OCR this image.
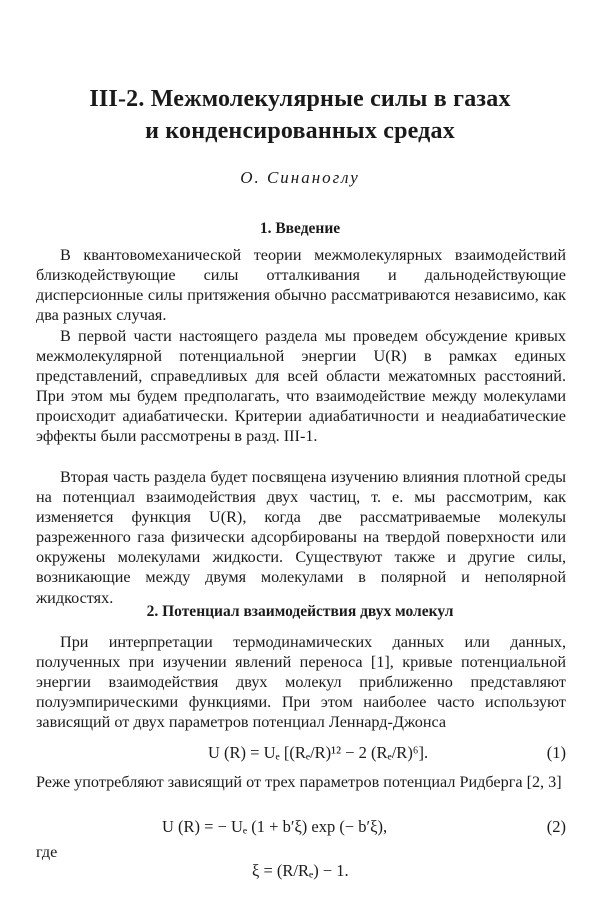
III-2. Межмолекулярные силы в газах
и конденсированных средах
О. Синаноглу
1. Введение

В квантовомеханической теории межмолекулярных взаимодействий близкодействующие силы отталкивания и дальнодействующие дисперсионные силы притяжения обычно рассматриваются независимо, как два разных случая.

В первой части настоящего раздела мы проведем обсуждение кривых межмолекулярной потенциальной энергии U(R) в рамках единых представлений, справедливых для всей области межатомных расстояний. При этом мы будем предполагать, что взаимодействие между молекулами происходит адиабатически. Критерии адиабатичности и неадиабатические эффекты были рассмотрены в разд. III-1.

Вторая часть раздела будет посвящена изучению влияния плотной среды на потенциал взаимодействия двух частиц, т. е. мы рассмотрим, как изменяется функция U(R), когда две рассматриваемые молекулы разреженного газа физически адсорбированы на твердой поверхности или окружены молекулами жидкости. Существуют также и другие силы, возникающие между двумя молекулами в полярной и неполярной жидкостях.

2. Потенциал взаимодействия двух молекул

При интерпретации термодинамических данных или данных, полученных при изучении явлений переноса [1], кривые потенциальной энергии взаимодействия двух молекул приближенно представляют полуэмпирическими функциями. При этом наиболее часто используют зависящий от двух параметров потенциал Леннард-Джонса

U (R) = Uₑ [(Rₑ/R)¹² − 2 (Rₑ/R)⁶].	(1)

Реже употребляют зависящий от трех параметров потенциал Ридберга [2, 3]

U (R) = − Uₑ (1 + b′ξ) exp (− b′ξ),	(2)
где
ξ = (R/Rₑ) − 1.
